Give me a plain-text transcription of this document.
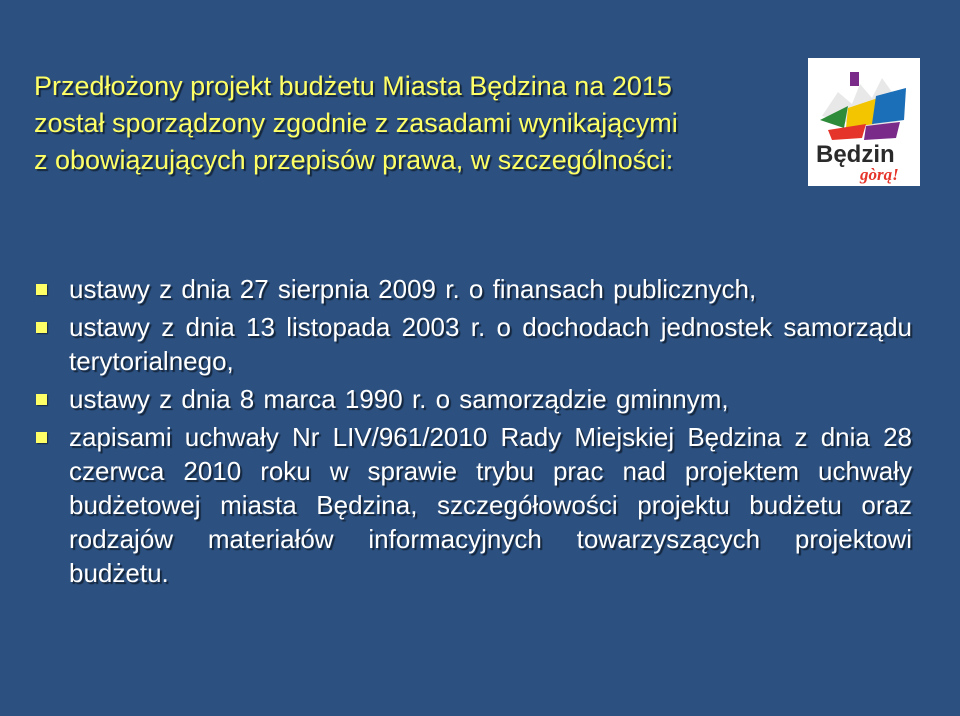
Przedłożony projekt budżetu Miasta Będzina na 2015
został sporządzony zgodnie z zasadami wynikającymi
z obowiązujących przepisów prawa, w szczególności:	Będzin
gòrą!
ustawy z dnia 27 sierpnia 2009 r. o finansach publicznych,
ustawy z dnia 13 listopada 2003 r. o dochodach jednostek samorządu terytorialnego,
ustawy z dnia 8 marca 1990 r. o samorządzie gminnym,
zapisami uchwały Nr LIV/961/2010 Rady Miejskiej Będzina z dnia 28 czerwca 2010 roku w sprawie trybu prac nad projektem uchwały budżetowej miasta Będzina, szczegółowości projektu budżetu oraz rodzajów materiałów informacyjnych towarzyszących projektowi budżetu.
